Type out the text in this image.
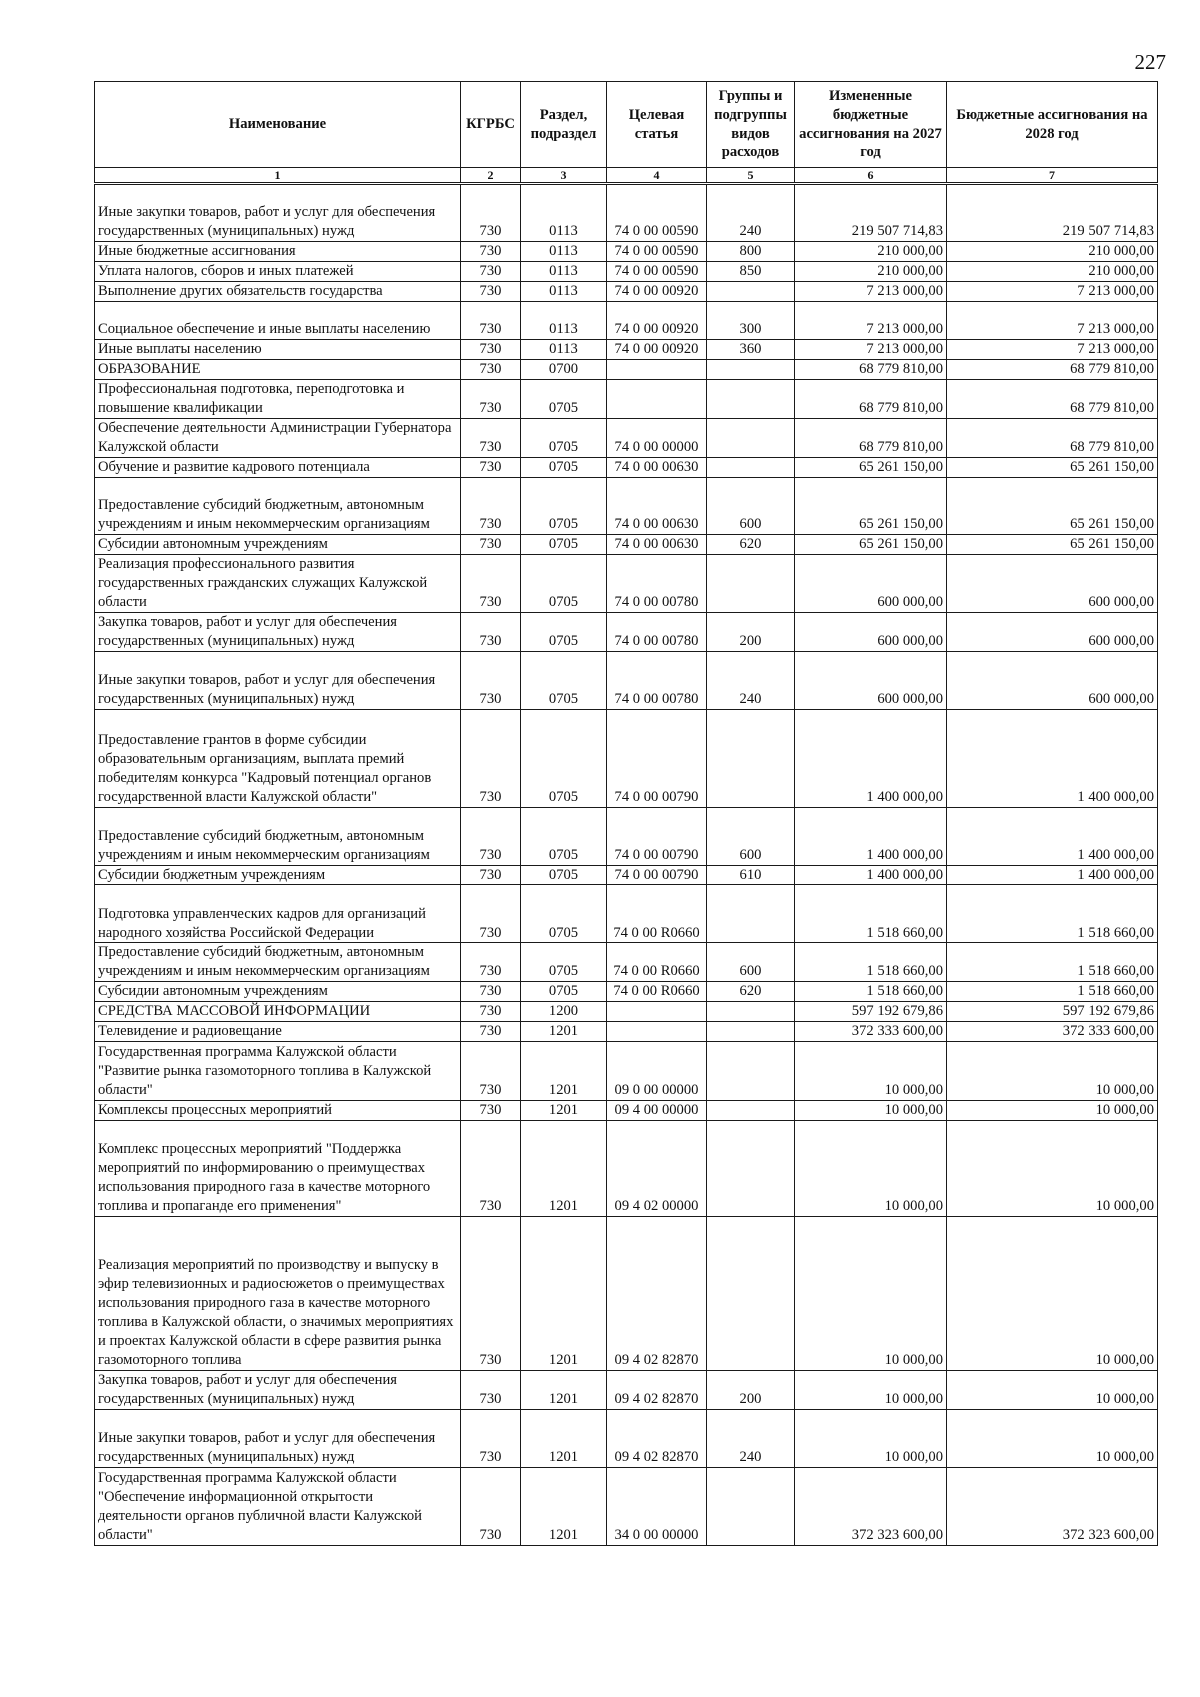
227
Наименование	КГРБС	Раздел, подраздел	Целевая статья	Группы и подгруппы видов расходов	Измененные бюджетные ассигнования на 2027 год	Бюджетные ассигнования на 2028 год
1	2	3	4	5	6	7
Иные закупки товаров, работ и услуг для обеспечения государственных (муниципальных) нужд	730	0113	74 0 00 00590	240	219 507 714,83	219 507 714,83
Иные бюджетные ассигнования	730	0113	74 0 00 00590	800	210 000,00	210 000,00
Уплата налогов, сборов и иных платежей	730	0113	74 0 00 00590	850	210 000,00	210 000,00
Выполнение других обязательств государства	730	0113	74 0 00 00920		7 213 000,00	7 213 000,00
Социальное обеспечение и иные выплаты населению	730	0113	74 0 00 00920	300	7 213 000,00	7 213 000,00
Иные выплаты населению	730	0113	74 0 00 00920	360	7 213 000,00	7 213 000,00
ОБРАЗОВАНИЕ	730	0700			68 779 810,00	68 779 810,00
Профессиональная подготовка, переподготовка и повышение квалификации	730	0705			68 779 810,00	68 779 810,00
Обеспечение деятельности Администрации Губернатора Калужской области	730	0705	74 0 00 00000		68 779 810,00	68 779 810,00
Обучение и развитие кадрового потенциала	730	0705	74 0 00 00630		65 261 150,00	65 261 150,00
Предоставление субсидий бюджетным, автономным учреждениям и иным некоммерческим организациям	730	0705	74 0 00 00630	600	65 261 150,00	65 261 150,00
Субсидии автономным учреждениям	730	0705	74 0 00 00630	620	65 261 150,00	65 261 150,00
Реализация профессионального развития государственных гражданских служащих Калужской области	730	0705	74 0 00 00780		600 000,00	600 000,00
Закупка товаров, работ и услуг для обеспечения государственных (муниципальных) нужд	730	0705	74 0 00 00780	200	600 000,00	600 000,00
Иные закупки товаров, работ и услуг для обеспечения государственных (муниципальных) нужд	730	0705	74 0 00 00780	240	600 000,00	600 000,00
Предоставление грантов в форме субсидии образовательным организациям, выплата премий победителям конкурса "Кадровый потенциал органов государственной власти Калужской области"	730	0705	74 0 00 00790		1 400 000,00	1 400 000,00
Предоставление субсидий бюджетным, автономным учреждениям и иным некоммерческим организациям	730	0705	74 0 00 00790	600	1 400 000,00	1 400 000,00
Субсидии бюджетным учреждениям	730	0705	74 0 00 00790	610	1 400 000,00	1 400 000,00
Подготовка управленческих кадров для организаций народного хозяйства Российской Федерации	730	0705	74 0 00 R0660		1 518 660,00	1 518 660,00
Предоставление субсидий бюджетным, автономным учреждениям и иным некоммерческим организациям	730	0705	74 0 00 R0660	600	1 518 660,00	1 518 660,00
Субсидии автономным учреждениям	730	0705	74 0 00 R0660	620	1 518 660,00	1 518 660,00
СРЕДСТВА МАССОВОЙ ИНФОРМАЦИИ	730	1200			597 192 679,86	597 192 679,86
Телевидение и радиовещание	730	1201			372 333 600,00	372 333 600,00
Государственная программа Калужской области "Развитие рынка газомоторного топлива в Калужской области"	730	1201	09 0 00 00000		10 000,00	10 000,00
Комплексы процессных мероприятий	730	1201	09 4 00 00000		10 000,00	10 000,00
Комплекс процессных мероприятий "Поддержка мероприятий по информированию о преимуществах использования природного газа в качестве моторного топлива и пропаганде его применения"	730	1201	09 4 02 00000		10 000,00	10 000,00
Реализация мероприятий по производству и выпуску в эфир телевизионных и радиосюжетов о преимуществах использования природного газа в качестве моторного топлива в Калужской области, о значимых мероприятиях и проектах Калужской области в сфере развития рынка газомоторного топлива	730	1201	09 4 02 82870		10 000,00	10 000,00
Закупка товаров, работ и услуг для обеспечения государственных (муниципальных) нужд	730	1201	09 4 02 82870	200	10 000,00	10 000,00
Иные закупки товаров, работ и услуг для обеспечения государственных (муниципальных) нужд	730	1201	09 4 02 82870	240	10 000,00	10 000,00
Государственная программа Калужской области "Обеспечение информационной открытости деятельности органов публичной власти Калужской области"	730	1201	34 0 00 00000		372 323 600,00	372 323 600,00
